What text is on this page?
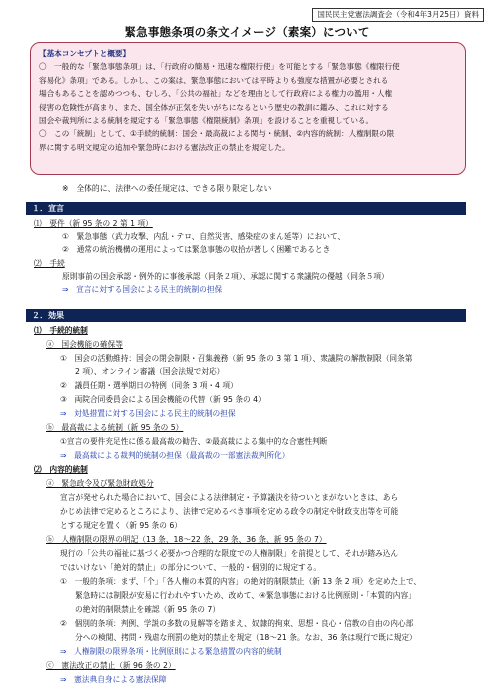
国民民主党憲法調査会（令和4年3月25日）資料
緊急事態条項の条文イメージ（素案）について
【基本コンセプトと概要】
〇　一般的な「緊急事態条項」は、「行政府の簡易・迅速な権限行使」を可能とする「緊急事態《権限行使
容易化》条項」である。しかし、この案は、緊急事態においては平時よりも強度な措置が必要とされる
場合もあることを認めつつも、むしろ、「公共の福祉」などを理由として行政府による権力の濫用・人権
侵害の危険性が高まり、また、国全体が正気を失いがちになるという歴史の教訓に鑑み、これに対する
国会や裁判所による統制を規定する「緊急事態《権限統制》条項」を設けることを重視している。
〇　この「統制」として、①手続的統制：国会・最高裁による関与・統制、②内容的統制：人権制限の限
界に関する明文規定の追加や緊急時における憲法改正の禁止を規定した。
※　全体的に、法律への委任規定は、できる限り限定しない
１．宣言
⑴　要件（新 95 条の 2 第 1 項）
①　緊急事態（武力攻撃、内乱・テロ、自然災害、感染症のまん延等）において、
②　通常の統治機構の運用によっては緊急事態の収拾が著しく困難であるとき
⑵　手続
原則事前の国会承認・例外的に事後承認（同条２項）、承認に関する衆議院の優越（同条５項）
⇒　宣言に対する国会による民主的統制の担保
２．効果
⑴　手続的統制
ⓐ　国会機能の確保等
①　国会の活動維持：国会の閉会制限・召集義務（新 95 条の 3 第 1 項）、衆議院の解散制限（同条第
2 項）、オンライン審議（国会法規で対応）
②　議員任期・選挙期日の特例（同条 3 項・4 項）
③　両院合同委員会による国会機能の代替（新 95 条の 4）
⇒　対処措置に対する国会による民主的統制の担保
ⓑ　最高裁による統制（新 95 条の 5）
①宣言の要件充足性に係る最高裁の勧告、②最高裁による集中的な合憲性判断
⇒　最高裁による裁判的統制の担保（最高裁の一部憲法裁判所化）
⑵　内容的統制
ⓐ　緊急政令及び緊急財政処分
宣言が発せられた場合において、国会による法律制定・予算議決を待ついとまがないときは、あら
かじめ法律で定めるところにより、法律で定めるべき事項を定める政令の制定や財政支出等を可能
とする規定を置く（新 95 条の 6）
ⓑ　人権制限の限界の明記（13 条、18〜22 条、29 条、36 条、新 95 条の 7）
現行の「公共の福祉に基づく必要かつ合理的な限度での人権制限」を前提として、それが踏み込ん
ではいけない「絶対的禁止」の部分について、一般的・個別的に規定する。
①　一般的条項：まず、「个」「各人権の本質的内容」の絶対的制限禁止（新 13 条 2 項）を定めた上で、
緊急時には制限が安易に行われやすいため、改めて、④緊急事態における比例原則・「本質的内容」
の絶対的制限禁止を確認（新 95 条の 7）
②　個別的条項：判例、学説の多数の見解等を踏まえ、奴隷的拘束、思想・良心・信教の自由の内心部
分への検閲、拷問・残虐な刑罰の絶対的禁止を規定（18〜21 条。なお、36 条は現行で既に規定）
⇒　人権制限の限界条項・比例原則による緊急措置の内容的統制
ⓒ　憲法改正の禁止（新 96 条の 2）
⇒　憲法典自身による憲法保障
